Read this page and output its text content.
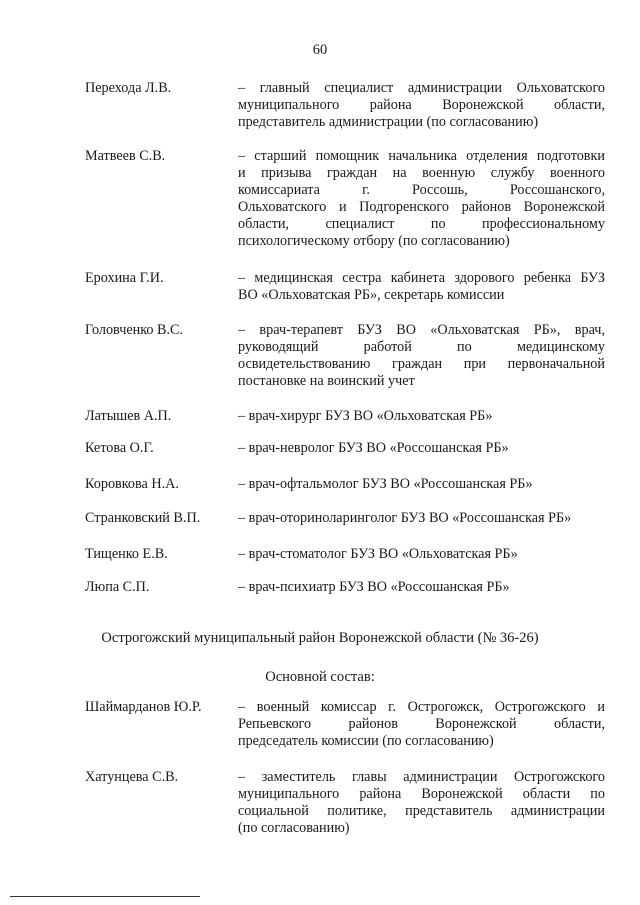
60
Перехода Л.В.	– главный специалист администрации Ольховатского
муниципального района Воронежской области,
представитель администрации (по согласованию)
Матвеев С.В.	– старший помощник начальника отделения подготовки
и призыва граждан на военную службу военного
комиссариата г. Россошь, Россошанского,
Ольховатского и Подгоренского районов Воронежской
области, специалист по профессиональному
психологическому отбору (по согласованию)
Ерохина Г.И.	– медицинская сестра кабинета здорового ребенка БУЗ
ВО «Ольховатская РБ», секретарь комиссии
Головченко В.С.	– врач-терапевт БУЗ ВО «Ольховатская РБ», врач,
руководящий работой по медицинскому
освидетельствованию граждан при первоначальной
постановке на воинский учет
Латышев А.П.	– врач-хирург БУЗ ВО «Ольховатская РБ»
Кетова О.Г.	– врач-невролог БУЗ ВО «Россошанская РБ»
Коровкова Н.А.	– врач-офтальмолог БУЗ ВО «Россошанская РБ»
Странковский В.П.	– врач-оториноларинголог БУЗ ВО «Россошанская РБ»
Тищенко Е.В.	– врач-стоматолог БУЗ ВО «Ольховатская РБ»
Люпа С.П.	– врач-психиатр БУЗ ВО «Россошанская РБ»
Острогожский муниципальный район Воронежской области (№ 36-26)
Основной состав:
Шаймарданов Ю.Р.	– военный комиссар г. Острогожск, Острогожского и
Репьевского районов Воронежской области,
председатель комиссии (по согласованию)
Хатунцева С.В.	– заместитель главы администрации Острогожского
муниципального района Воронежской области по
социальной политике, представитель администрации
(по согласованию)
